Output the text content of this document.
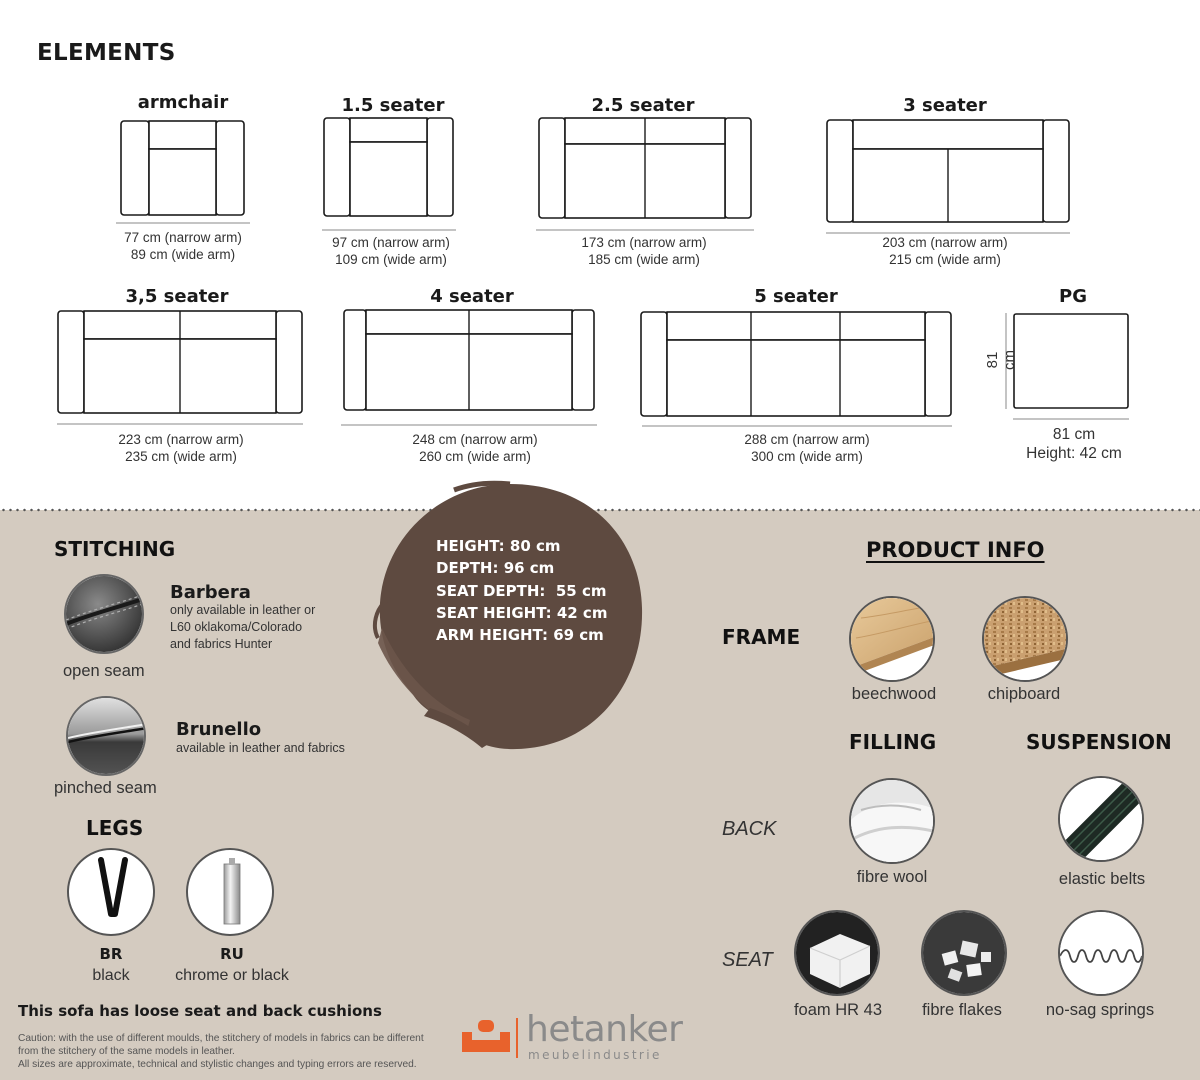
ELEMENTS
armchair
77 cm (narrow arm)
89 cm (wide arm)
1.5 seater
97 cm (narrow arm)
109 cm (wide arm)
2.5 seater
173 cm (narrow arm)
185 cm (wide arm)
3 seater
203 cm (narrow arm)
215 cm (wide arm)
3,5 seater
223 cm (narrow arm)
235 cm (wide arm)
4 seater
248 cm (narrow arm)
260 cm (wide arm)
5 seater
288 cm (narrow arm)
300 cm (wide arm)
PG
81 cm
81 cm
Height: 42 cm
HEIGHT: 80 cm
DEPTH: 96 cm
SEAT DEPTH:  55 cm
SEAT HEIGHT: 42 cm
ARM HEIGHT: 69 cm
STITCHING
Barbera
only available in leather or
L60 oklakoma/Colorado
and fabrics Hunter
open seam
Brunello
available in leather and fabrics
pinched seam
LEGS
BR
black
RU
chrome or black
This sofa has loose seat and back cushions
Caution: with the use of different moulds, the stitchery of models in fabrics can be different
from the stitchery of the same models in leather.
All sizes are approximate, technical and stylistic changes and typing errors are reserved.
hetanker
meubelindustrie
PRODUCT INFO
FRAME
beechwood	chipboard
FILLING	SUSPENSION
BACK
SEAT
fibre wool	elastic belts
foam HR 43	fibre flakes	no-sag springs
